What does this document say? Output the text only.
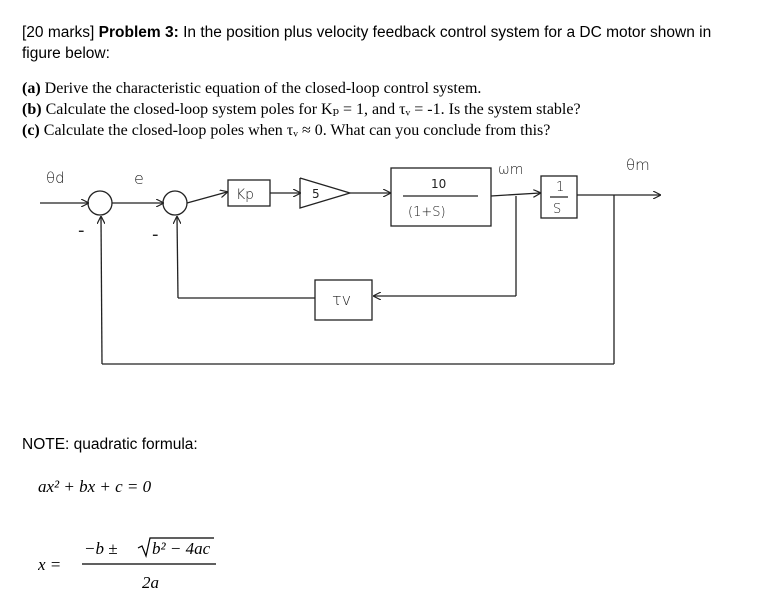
[20 marks] Problem 3: In the position plus velocity feedback control system for a DC motor shown in figure below:
(a) Derive the characteristic equation of the closed-loop control system.
(b) Calculate the closed-loop system poles for Kₚ = 1, and τᵥ = -1. Is the system stable?
(c) Calculate the closed-loop poles when τᵥ ≈ 0. What can you conclude from this?
θd	e
-	-
Kp	5
10
(1+S)
ωm
1
S
θm
τv
NOTE: quadratic formula:
ax² + bx + c = 0
x =
−b ± b² − 4ac
2a
